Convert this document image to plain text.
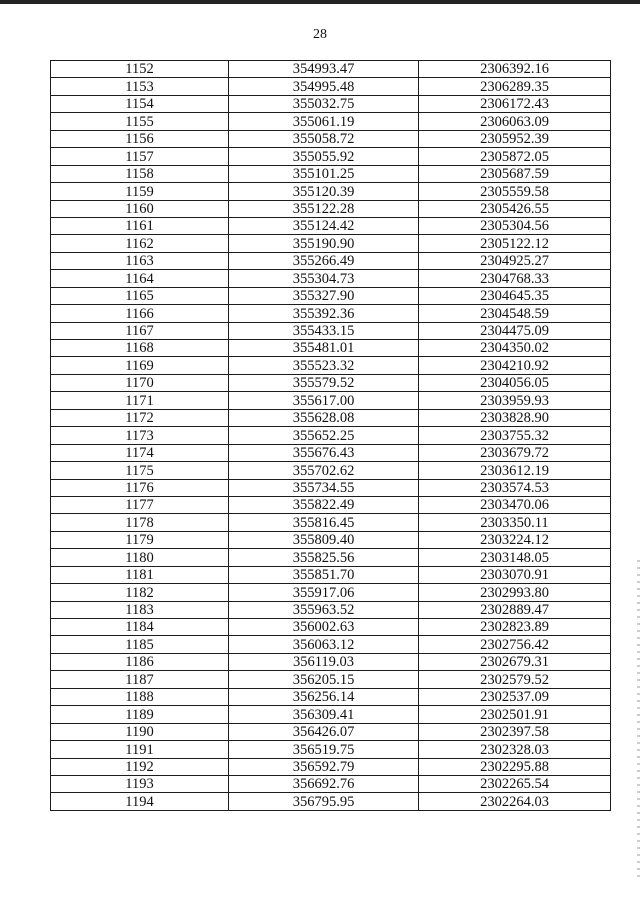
28
1152	354993.47	2306392.16
1153	354995.48	2306289.35
1154	355032.75	2306172.43
1155	355061.19	2306063.09
1156	355058.72	2305952.39
1157	355055.92	2305872.05
1158	355101.25	2305687.59
1159	355120.39	2305559.58
1160	355122.28	2305426.55
1161	355124.42	2305304.56
1162	355190.90	2305122.12
1163	355266.49	2304925.27
1164	355304.73	2304768.33
1165	355327.90	2304645.35
1166	355392.36	2304548.59
1167	355433.15	2304475.09
1168	355481.01	2304350.02
1169	355523.32	2304210.92
1170	355579.52	2304056.05
1171	355617.00	2303959.93
1172	355628.08	2303828.90
1173	355652.25	2303755.32
1174	355676.43	2303679.72
1175	355702.62	2303612.19
1176	355734.55	2303574.53
1177	355822.49	2303470.06
1178	355816.45	2303350.11
1179	355809.40	2303224.12
1180	355825.56	2303148.05
1181	355851.70	2303070.91
1182	355917.06	2302993.80
1183	355963.52	2302889.47
1184	356002.63	2302823.89
1185	356063.12	2302756.42
1186	356119.03	2302679.31
1187	356205.15	2302579.52
1188	356256.14	2302537.09
1189	356309.41	2302501.91
1190	356426.07	2302397.58
1191	356519.75	2302328.03
1192	356592.79	2302295.88
1193	356692.76	2302265.54
1194	356795.95	2302264.03
